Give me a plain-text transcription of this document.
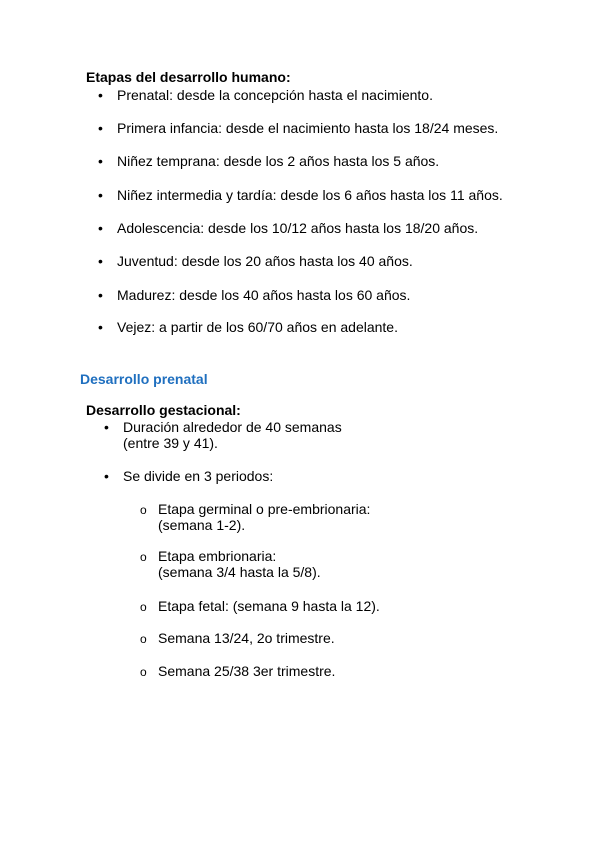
Etapas del desarrollo humano:
•	Prenatal: desde la concepción hasta el nacimiento.
•	Primera infancia: desde el nacimiento hasta los 18/24 meses.
•	Niñez temprana: desde los 2 años hasta los 5 años.
•	Niñez intermedia y tardía: desde los 6 años hasta los 11 años.
•	Adolescencia: desde los 10/12 años hasta los 18/20 años.
•	Juventud: desde los 20 años hasta los 40 años.
•	Madurez: desde los 40 años hasta los 60 años.
•	Vejez: a partir de los 60/70 años en adelante.
Desarrollo prenatal
Desarrollo gestacional:
•	Duración alrededor de 40 semanas
(entre 39 y 41).
•	Se divide en 3 periodos:
o Etapa germinal o pre-embrionaria:
(semana 1-2).
o Etapa embrionaria:
(semana 3/4 hasta la 5/8).
o Etapa fetal: (semana 9 hasta la 12).
o Semana 13/24, 2o trimestre.
o Semana 25/38 3er trimestre.
